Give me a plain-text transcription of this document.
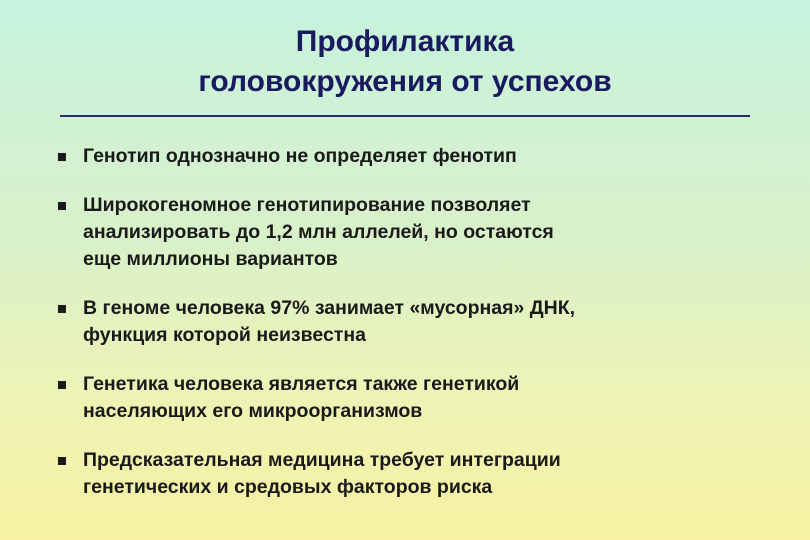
Профилактика
головокружения от успехов
Генотип однозначно не определяет фенотип
Широкогеномное генотипирование позволяет
анализировать до 1,2 млн аллелей, но остаются
еще миллионы вариантов
В геноме человека 97% занимает «мусорная» ДНК,
функция которой неизвестна
Генетика человека является также генетикой
населяющих его микроорганизмов
Предсказательная медицина требует интеграции
генетических и средовых факторов риска
